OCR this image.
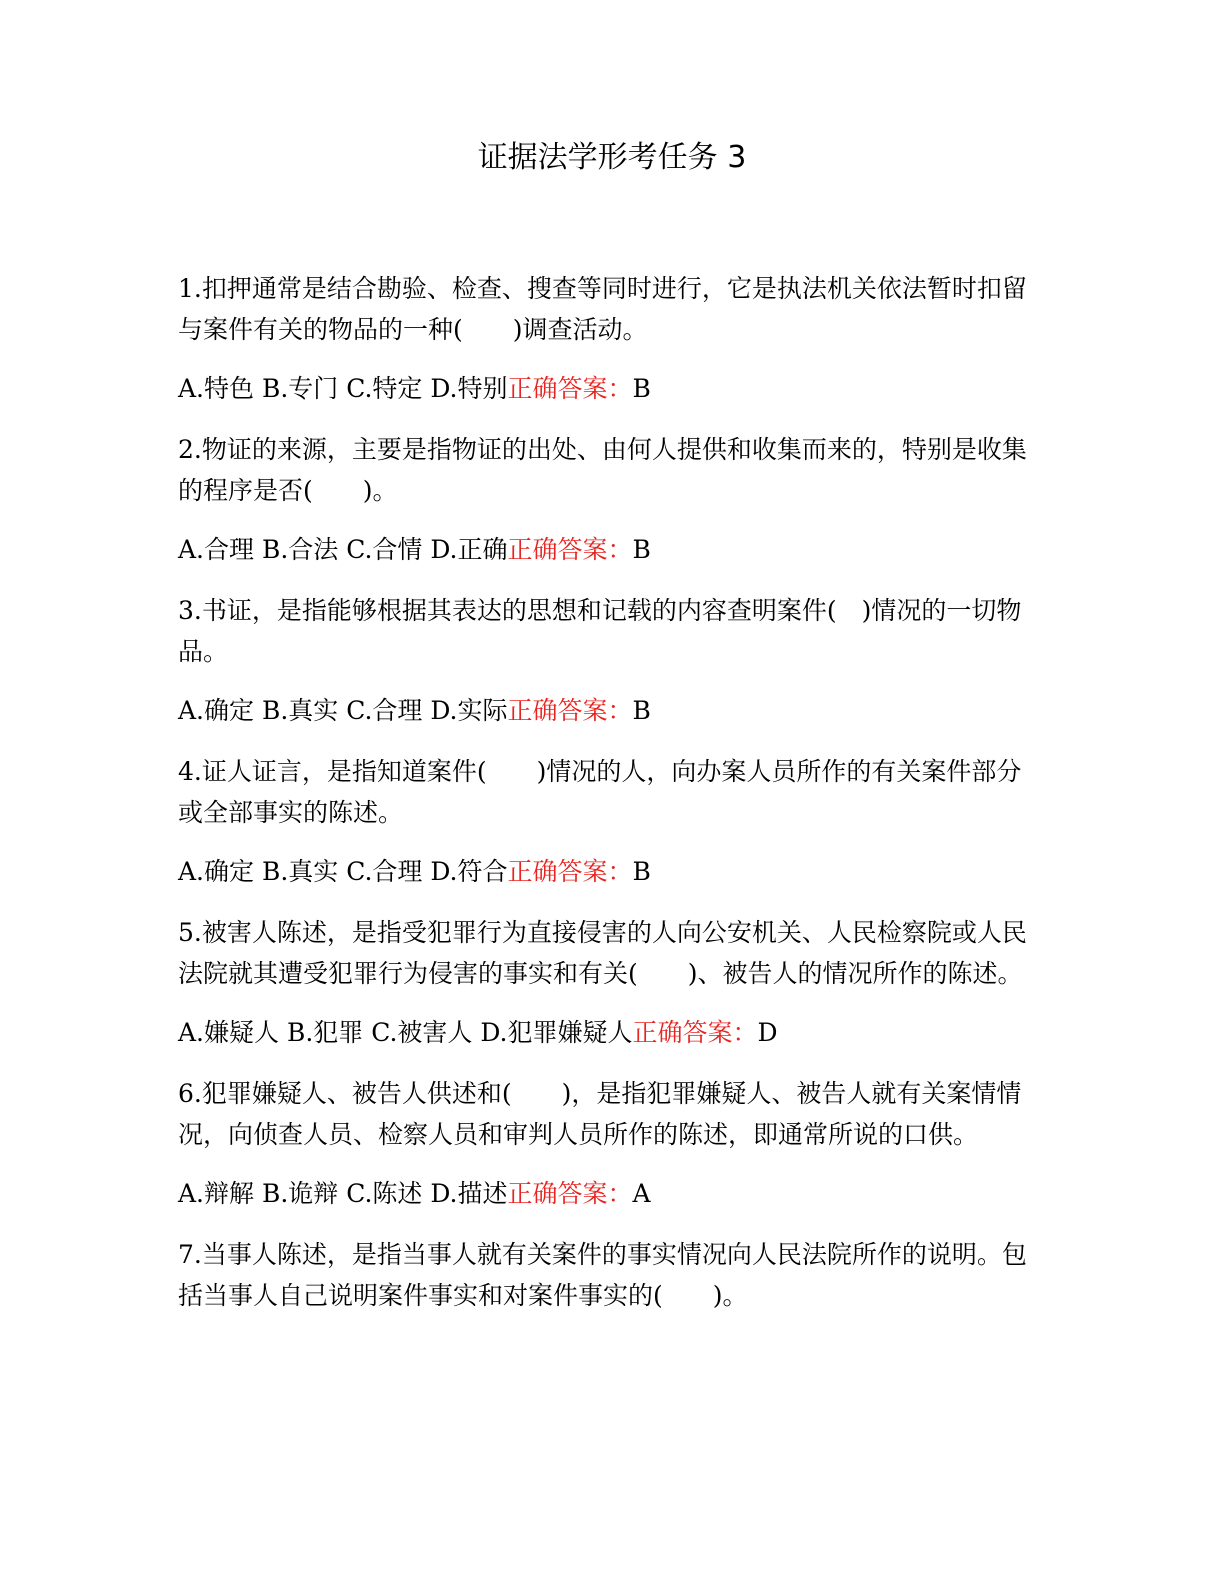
证据法学形考任务 3

1.扣押通常是结合勘验、检查、搜查等同时进行，它是执法机关依法暂时扣留与案件有关的物品的一种(　　)调查活动。

A.特色 B.专门 C.特定 D.特别正确答案：B

2.物证的来源，主要是指物证的出处、由何人提供和收集而来的，特别是收集的程序是否(　　)。

A.合理 B.合法 C.合情 D.正确正确答案：B

3.书证，是指能够根据其表达的思想和记载的内容查明案件(　)情况的一切物品。

A.确定 B.真实 C.合理 D.实际正确答案：B

4.证人证言，是指知道案件(　　)情况的人，向办案人员所作的有关案件部分或全部事实的陈述。

A.确定 B.真实 C.合理 D.符合正确答案：B

5.被害人陈述，是指受犯罪行为直接侵害的人向公安机关、人民检察院或人民法院就其遭受犯罪行为侵害的事实和有关(　　)、被告人的情况所作的陈述。

A.嫌疑人 B.犯罪 C.被害人 D.犯罪嫌疑人正确答案：D

6.犯罪嫌疑人、被告人供述和(　　)，是指犯罪嫌疑人、被告人就有关案情情况，向侦查人员、检察人员和审判人员所作的陈述，即通常所说的口供。

A.辩解 B.诡辩 C.陈述 D.描述正确答案：A

7.当事人陈述，是指当事人就有关案件的事实情况向人民法院所作的说明。包括当事人自己说明案件事实和对案件事实的(　　)。
